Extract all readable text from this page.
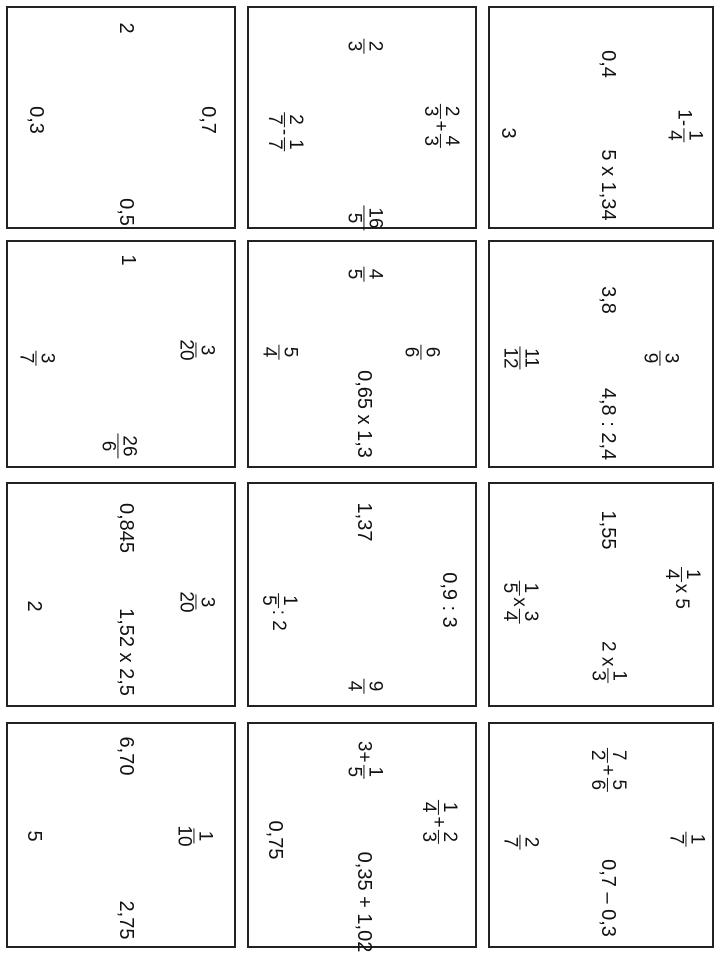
0,4
1-
1
4
3
5 x 1,34
3,8
3
9
11
12
4,8 : 2,4
1,55
1
4
x 5
1
5
x
3
4
2 x
1
3
7
2
+
5
6
1
7
2
7
0,7 – 0,3
2
3
2
3
+
4
3
2
7
-
1
7
16
5
4
5
6
6
5
4
0,65 x 1,3
1,37
0,9 : 3
1
5
: 2
9
4
3+
1
5
1
4
+
2
3
0,75
0,35 + 1,02
2
0,7
0,3
0,5
1
3
20
3
7
26
6
0,845
3
20
2
1,52 x 2,5
6,70
1
10
5
2,75
